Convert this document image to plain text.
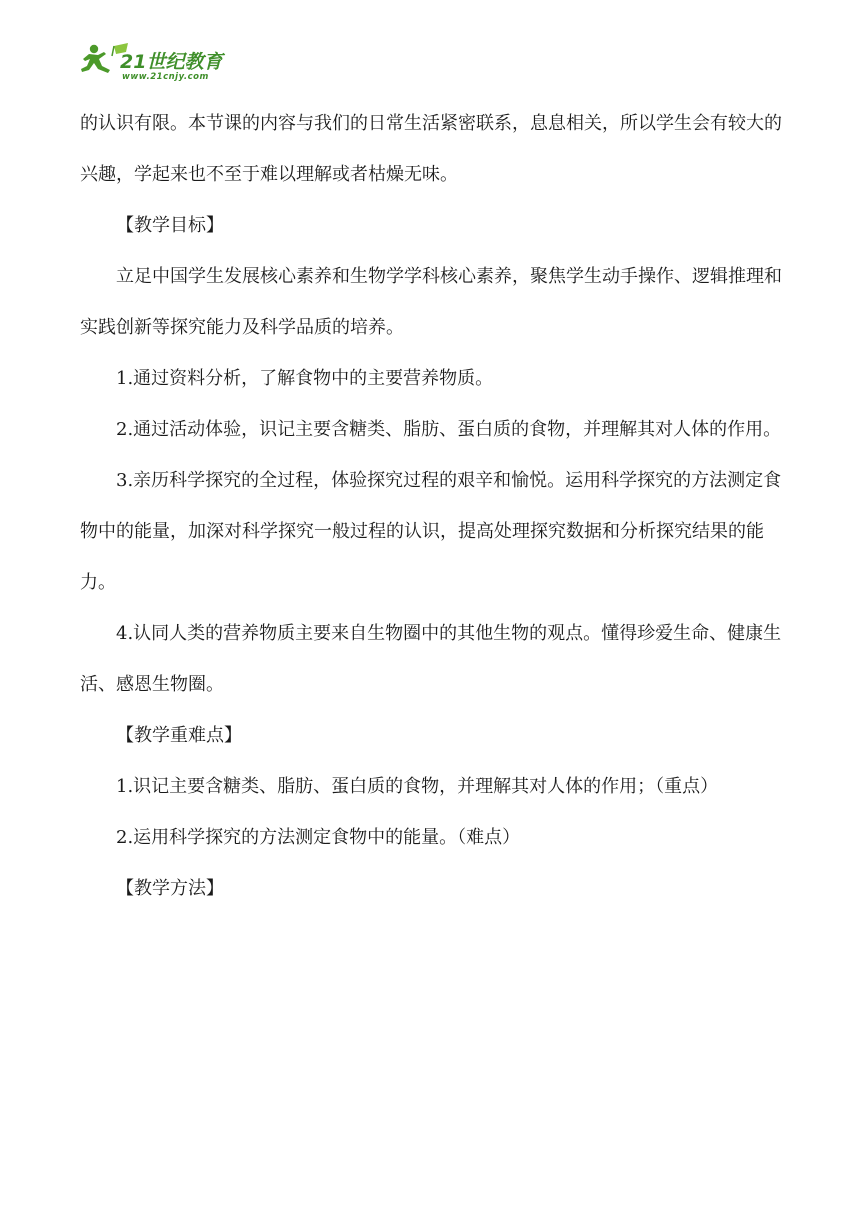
21世纪教育
www.21cnjy.com

的认识有限。本节课的内容与我们的日常生活紧密联系，息息相关，所以学生会有较大的兴趣，学起来也不至于难以理解或者枯燥无味。

【教学目标】

立足中国学生发展核心素养和生物学学科核心素养，聚焦学生动手操作、逻辑推理和实践创新等探究能力及科学品质的培养。

1.通过资料分析，了解食物中的主要营养物质。

2.通过活动体验，识记主要含糖类、脂肪、蛋白质的食物，并理解其对人体的作用。

3.亲历科学探究的全过程，体验探究过程的艰辛和愉悦。运用科学探究的方法测定食物中的能量，加深对科学探究一般过程的认识，提高处理探究数据和分析探究结果的能力。

4.认同人类的营养物质主要来自生物圈中的其他生物的观点。懂得珍爱生命、健康生活、感恩生物圈。

【教学重难点】

1.识记主要含糖类、脂肪、蛋白质的食物，并理解其对人体的作用；（重点）

2.运用科学探究的方法测定食物中的能量。（难点）

【教学方法】
